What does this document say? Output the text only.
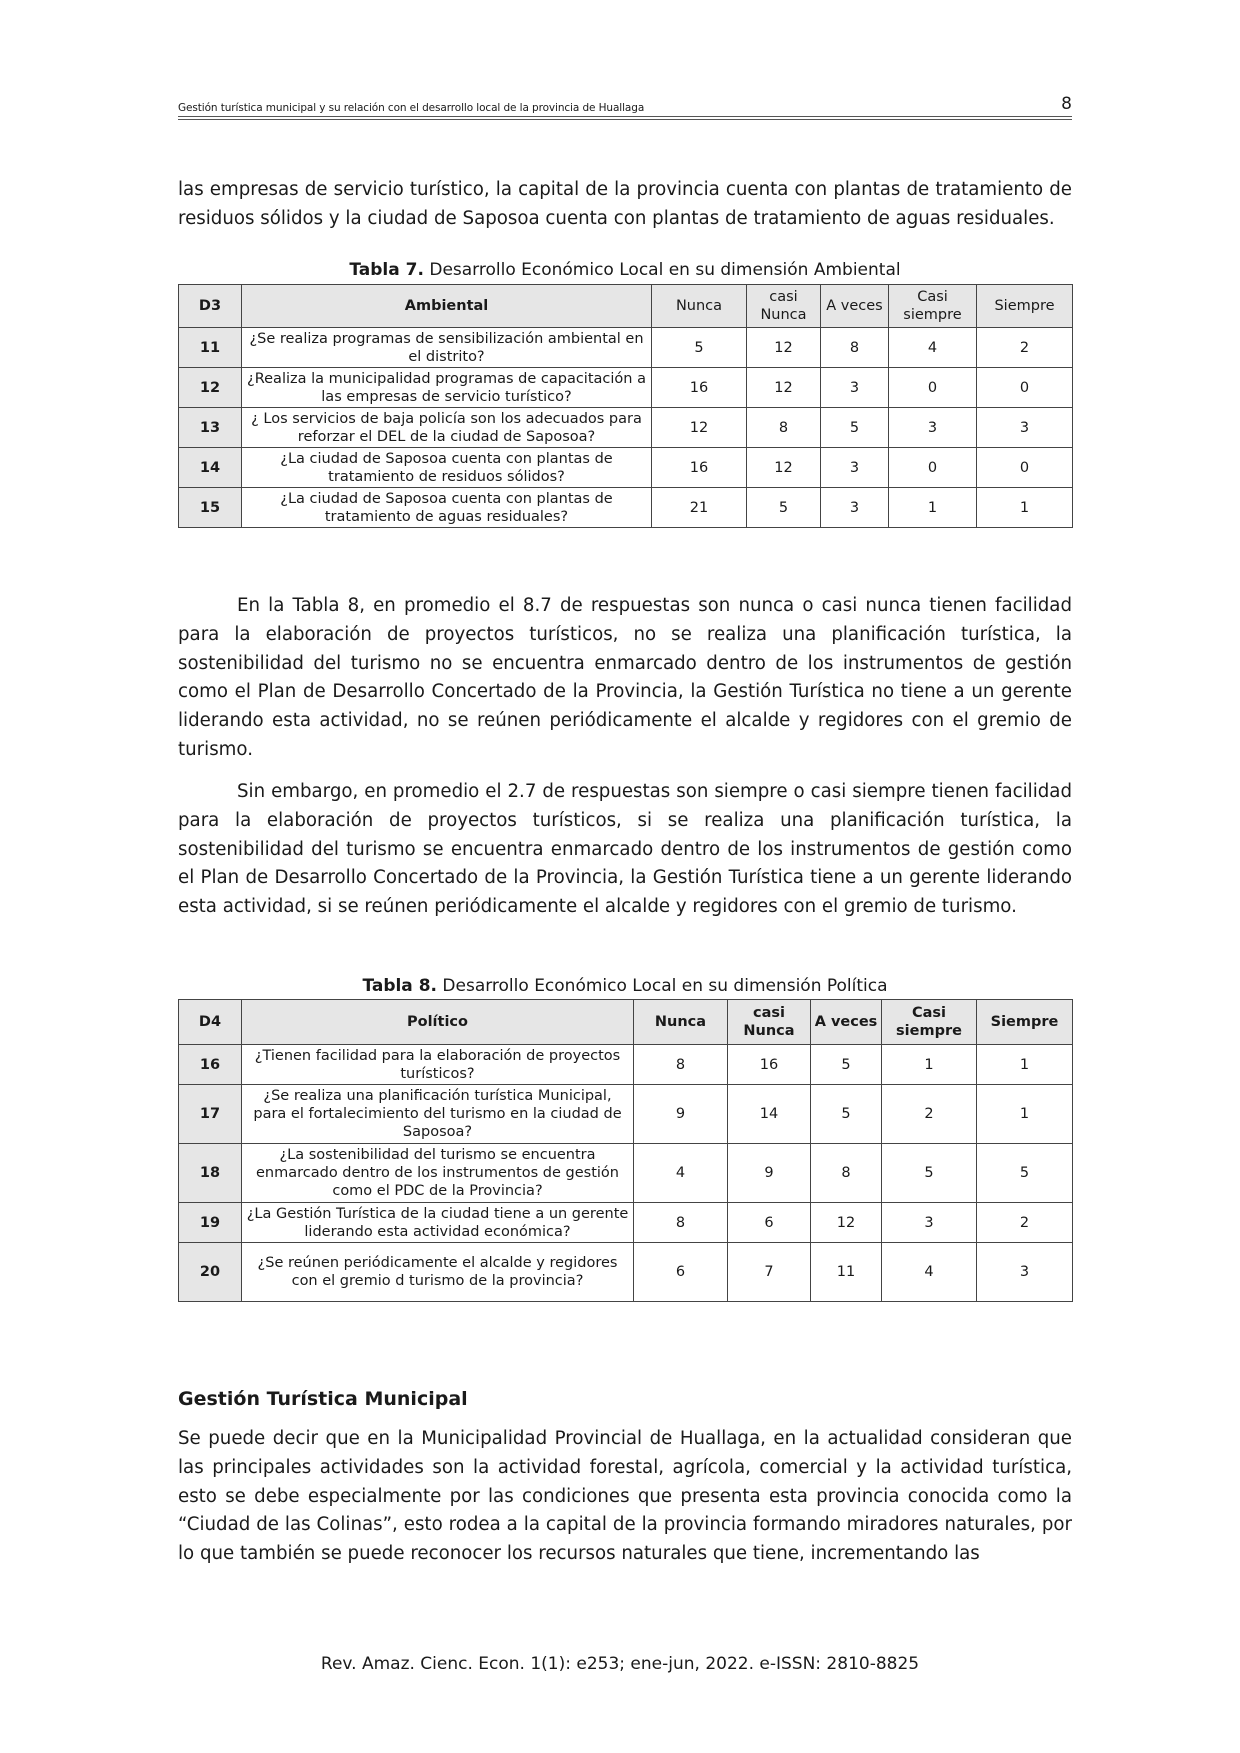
Gestión turística municipal y su relación con el desarrollo local de la provincia de Huallaga	8

las empresas de servicio turístico, la capital de la provincia cuenta con plantas de tratamiento de residuos sólidos y la ciudad de Saposoa cuenta con plantas de tratamiento de aguas residuales.

Tabla 7. Desarrollo Económico Local en su dimensión Ambiental
D3	Ambiental	Nunca	casi Nunca	A veces	Casi siempre	Siempre
11	¿Se realiza programas de sensibilización ambiental en el distrito?	5	12	8	4	2
12	¿Realiza la municipalidad programas de capacitación a las empresas de servicio turístico?	16	12	3	0	0
13	¿ Los servicios de baja policía son los adecuados para reforzar el DEL de la ciudad de Saposoa?	12	8	5	3	3
14	¿La ciudad de Saposoa cuenta con plantas de tratamiento de residuos sólidos?	16	12	3	0	0
15	¿La ciudad de Saposoa cuenta con plantas de tratamiento de aguas residuales?	21	5	3	1	1

En la Tabla 8, en promedio el 8.7 de respuestas son nunca o casi nunca tienen facilidad para la elaboración de proyectos turísticos, no se realiza una planificación turística, la sostenibilidad del turismo no se encuentra enmarcado dentro de los instrumentos de gestión como el Plan de Desarrollo Concertado de la Provincia, la Gestión Turística no tiene a un gerente liderando esta actividad, no se reúnen periódicamente el alcalde y regidores con el gremio de turismo.

Sin embargo, en promedio el 2.7 de respuestas son siempre o casi siempre tienen facilidad para la elaboración de proyectos turísticos, si se realiza una planificación turística, la sostenibilidad del turismo se encuentra enmarcado dentro de los instrumentos de gestión como el Plan de Desarrollo Concertado de la Provincia, la Gestión Turística tiene a un gerente liderando esta actividad, si se reúnen periódicamente el alcalde y regidores con el gremio de turismo.

Tabla 8. Desarrollo Económico Local en su dimensión Política
D4	Político	Nunca	casi Nunca	A veces	Casi siempre	Siempre
16	¿Tienen facilidad para la elaboración de proyectos turísticos?	8	16	5	1	1
17	¿Se realiza una planificación turística Municipal, para el fortalecimiento del turismo en la ciudad de Saposoa?	9	14	5	2	1
18	¿La sostenibilidad del turismo se encuentra enmarcado dentro de los instrumentos de gestión como el PDC de la Provincia?	4	9	8	5	5
19	¿La Gestión Turística de la ciudad tiene a un gerente liderando esta actividad económica?	8	6	12	3	2
20	¿Se reúnen periódicamente el alcalde y regidores con el gremio d turismo de la provincia?	6	7	11	4	3
Gestión Turística Municipal

Se puede decir que en la Municipalidad Provincial de Huallaga, en la actualidad consideran que las principales actividades son la actividad forestal, agrícola, comercial y la actividad turística, esto se debe especialmente por las condiciones que presenta esta provincia conocida como la “Ciudad de las Colinas”, esto rodea a la capital de la provincia formando miradores naturales, por lo que también se puede reconocer los recursos naturales que tiene, incrementando las

Rev. Amaz. Cienc. Econ. 1(1): e253; ene-jun, 2022. e-ISSN: 2810-8825
